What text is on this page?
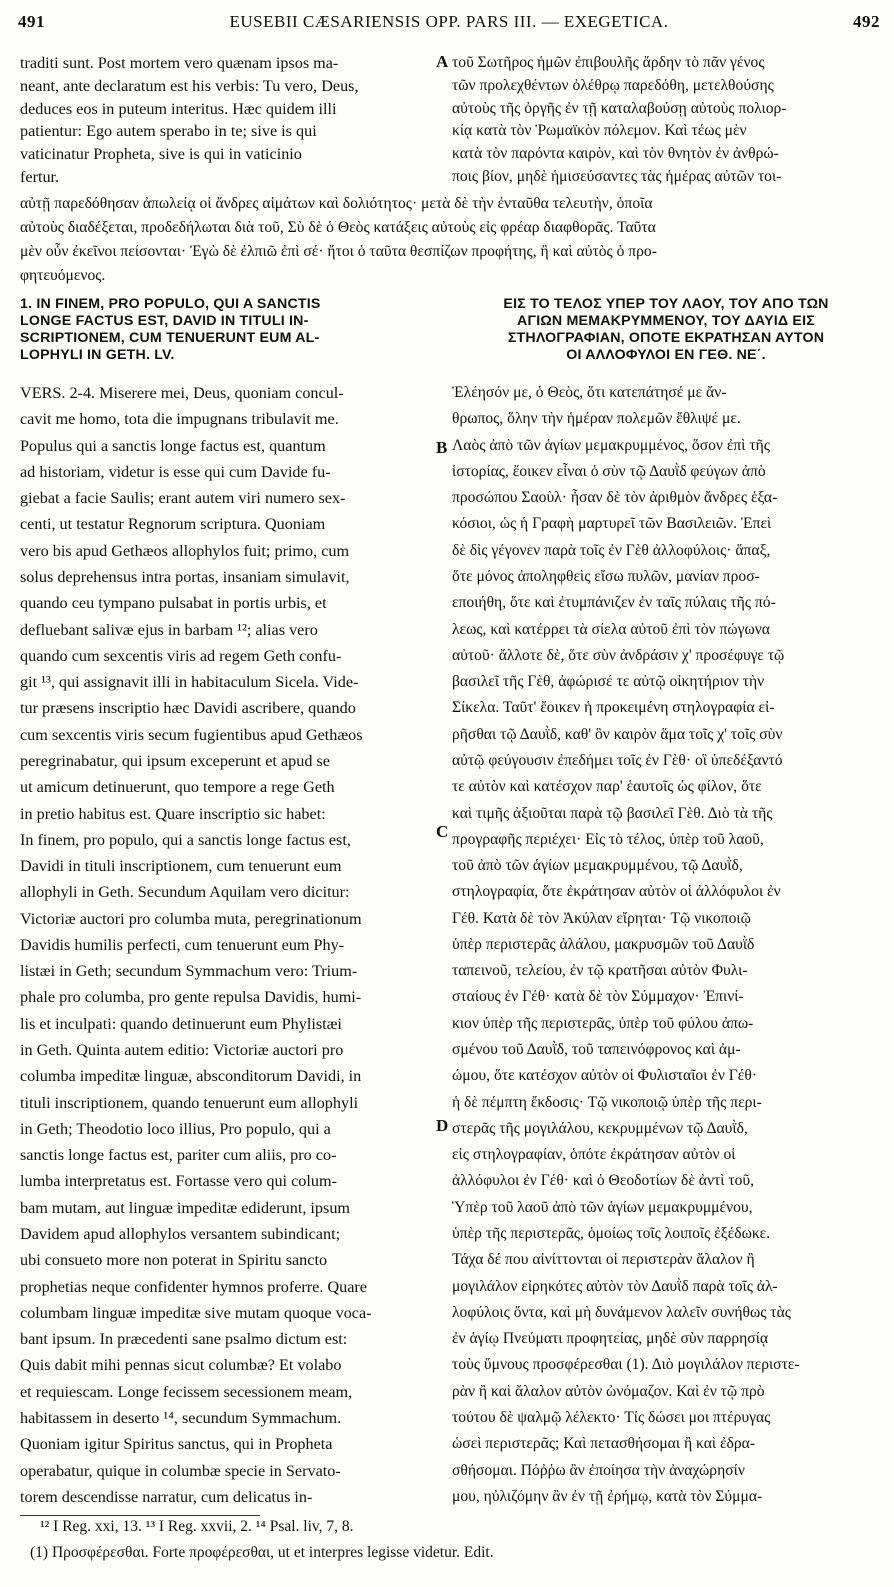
491	EUSEBII CÆSARIENSIS OPP. PARS III. — EXEGETICA.	492
traditi sunt. Post mortem vero quænam ipsos ma-
neant, ante declaratum est his verbis: Tu vero, Deus,
deduces eos in puteum interitus. Hæc quidem illi
patientur: Ego autem sperabo in te; sive is qui
vaticinatur Propheta, sive is qui in vaticinio
fertur.
A τοῦ Σωτῆρος ἡμῶν ἐπιβουλῆς ἄρδην τὸ πᾶν γένος
τῶν προλεχθέντων ὀλέθρῳ παρεδόθη, μετελθούσης
αὐτοὺς τῆς ὀργῆς ἐν τῇ καταλαβούσῃ αὐτοὺς πολιορ-
κίᾳ κατὰ τὸν Ῥωμαϊκὸν πόλεμον. Καὶ τέως μὲν
κατὰ τὸν παρόντα καιρὸν, καὶ τὸν θνητὸν ἐν ἀνθρώ-
ποις βίον, μηδὲ ἡμισεύσαντες τὰς ἡμέρας αὐτῶν τοι-
αὐτῇ παρεδόθησαν ἀπωλείᾳ οἱ ἄνδρες αἱμάτων καὶ δολιότητος· μετὰ δὲ τὴν ἐνταῦθα τελευτὴν, ὁποῖα
αὐτοὺς διαδέξεται, προδεδήλωται διὰ τοῦ, Σὺ δὲ ὁ Θεὸς κατάξεις αὐτοὺς εἰς φρέαρ διαφθορᾶς. Ταῦτα
μὲν οὖν ἐκεῖνοι πείσονται· Ἐγὼ δὲ ἐλπιῶ ἐπὶ σέ· ἤτοι ὁ ταῦτα θεσπίζων προφήτης, ἢ καὶ αὐτὸς ὁ προ-
φητευόμενος.
1. IN FINEM, PRO POPULO, QUI A SANCTIS
LONGE FACTUS EST, DAVID IN TITULI IN-
SCRIPTIONEM, CUM TENUERUNT EUM AL-
LOPHYLI IN GETH. LV.
ΕΙΣ ΤΟ ΤΕΛΟΣ ΥΠΕΡ ΤΟΥ ΛΑΟΥ, ΤΟΥ ΑΠΟ ΤΩΝ
ΑΓΙΩΝ ΜΕΜΑΚΡΥΜΜΕΝΟΥ, ΤΟΥ ΔΑΥΙΔ ΕΙΣ
ΣΤΗΛΟΓΡΑΦΙΑΝ, ΟΠΟΤΕ ΕΚΡΑΤΗΣΑΝ ΑΥΤΟΝ
ΟΙ ΑΛΛΟΦΥΛΟΙ ΕΝ ΓΕΘ. ΝΕ΄.
VERS. 2-4. Miserere mei, Deus, quoniam concul-
cavit me homo, tota die impugnans tribulavit me.
Populus qui a sanctis longe factus est, quantum
ad historiam, videtur is esse qui cum Davide fu-
giebat a facie Saulis; erant autem viri numero sex-
centi, ut testatur Regnorum scriptura. Quoniam
vero bis apud Gethæos allophylos fuit; primo, cum
solus deprehensus intra portas, insaniam simulavit,
quando ceu tympano pulsabat in portis urbis, et
defluebant salivæ ejus in barbam ¹²; alias vero
quando cum sexcentis viris ad regem Geth confu-
git ¹³, qui assignavit illi in habitaculum Sicela. Vide-
tur præsens inscriptio hæc Davidi ascribere, quando
cum sexcentis viris secum fugientibus apud Gethæos
peregrinabatur, qui ipsum exceperunt et apud se
ut amicum detinuerunt, quo tempore a rege Geth
in pretio habitus est. Quare inscriptio sic habet:
In finem, pro populo, qui a sanctis longe factus est,
Davidi in tituli inscriptionem, cum tenuerunt eum
allophyli in Geth. Secundum Aquilam vero dicitur:
Victoriæ auctori pro columba muta, peregrinationum
Davidis humilis perfecti, cum tenuerunt eum Phy-
listæi in Geth; secundum Symmachum vero: Trium-
phale pro columba, pro gente repulsa Davidis, humi-
lis et inculpati: quando detinuerunt eum Phylistæi
in Geth. Quinta autem editio: Victoriæ auctori pro
columba impeditæ linguæ, absconditorum Davidi, in
tituli inscriptionem, quando tenuerunt eum allophyli
in Geth; Theodotio loco illius, Pro populo, qui a
sanctis longe factus est, pariter cum aliis, pro co-
lumba interpretatus est. Fortasse vero qui colum-
bam mutam, aut linguæ impeditæ ediderunt, ipsum
Davidem apud allophylos versantem subindicant;
ubi consueto more non poterat in Spiritu sancto
prophetias neque confidenter hymnos proferre. Quare
columbam linguæ impeditæ sive mutam quoque voca-
bant ipsum. In præcedenti sane psalmo dictum est:
Quis dabit mihi pennas sicut columbæ? Et volabo
et requiescam. Longe fecissem secessionem meam,
habitassem in deserto ¹⁴, secundum Symmachum.
Quoniam igitur Spiritus sanctus, qui in Propheta
operabatur, quique in columbæ specie in Servato-
torem descendisse narratur, cum delicatus in-
Ἐλέησόν με, ὁ Θεὸς, ὅτι κατεπάτησέ με ἄν-
θρωπος, ὅλην τὴν ἡμέραν πολεμῶν ἔθλιψέ με.
Λαὸς ἀπὸ τῶν ἁγίων μεμακρυμμένος, ὅσον ἐπὶ τῆς
ἱστορίας, ἔοικεν εἶναι ὁ σὺν τῷ Δαυῒδ φεύγων ἀπὸ
προσώπου Σαοὺλ· ἦσαν δὲ τὸν ἀριθμὸν ἄνδρες ἑξα-
κόσιοι, ὡς ἡ Γραφὴ μαρτυρεῖ τῶν Βασιλειῶν. Ἐπεὶ
δὲ δὶς γέγονεν παρὰ τοῖς ἐν Γὲθ ἀλλοφύλοις· ἅπαξ,
ὅτε μόνος ἀποληφθεὶς εἴσω πυλῶν, μανίαν προσ-
εποιήθη, ὅτε καὶ ἐτυμπάνιζεν ἐν ταῖς πύλαις τῆς πό-
λεως, καὶ κατέρρει τὰ σίελα αὐτοῦ ἐπὶ τὸν πώγωνα
αὐτοῦ· ἄλλοτε δὲ, ὅτε σὺν ἀνδράσιν χ' προσέφυγε τῷ
βασιλεῖ τῆς Γὲθ, ἀφώρισέ τε αὐτῷ οἰκητήριον τὴν
Σίκελα. Ταῦτ' ἔοικεν ἡ προκειμένη στηλογραφία εἰ-
ρῆσθαι τῷ Δαυῒδ, καθ' ὃν καιρὸν ἅμα τοῖς χ' τοῖς σὺν
αὐτῷ φεύγουσιν ἐπεδήμει τοῖς ἐν Γὲθ· οἳ ὑπεδέξαντό
τε αὐτὸν καὶ κατέσχον παρ' ἑαυτοῖς ὡς φίλον, ὅτε
καὶ τιμῆς ἀξιοῦται παρὰ τῷ βασιλεῖ Γὲθ. Διὸ τὰ τῆς
προγραφῆς περιέχει· Εἰς τὸ τέλος, ὑπὲρ τοῦ λαοῦ,
τοῦ ἀπὸ τῶν ἁγίων μεμακρυμμένου, τῷ Δαυῒδ,
στηλογραφία, ὅτε ἐκράτησαν αὐτὸν οἱ ἀλλόφυλοι ἐν
Γέθ. Κατὰ δὲ τὸν Ἀκύλαν εἴρηται· Τῷ νικοποιῷ
ὑπὲρ περιστερᾶς ἀλάλου, μακρυσμῶν τοῦ Δαυῒδ
ταπεινοῦ, τελείου, ἐν τῷ κρατῆσαι αὐτὸν Φυλι-
σταίους ἐν Γέθ· κατὰ δὲ τὸν Σύμμαχον· Ἐπινί-
κιον ὑπὲρ τῆς περιστερᾶς, ὑπὲρ τοῦ φύλου ἀπω-
σμένου τοῦ Δαυῒδ, τοῦ ταπεινόφρονος καὶ ἀμ-
ώμου, ὅτε κατέσχον αὐτὸν οἱ Φυλισταῖοι ἐν Γέθ·
ἡ δὲ πέμπτη ἔκδοσις· Τῷ νικοποιῷ ὑπὲρ τῆς περι-
στερᾶς τῆς μογιλάλου, κεκρυμμένων τῷ Δαυῒδ,
εἰς στηλογραφίαν, ὁπότε ἐκράτησαν αὐτὸν οἱ
ἀλλόφυλοι ἐν Γέθ· καὶ ὁ Θεοδοτίων δὲ ἀντὶ τοῦ,
Ὑπὲρ τοῦ λαοῦ ἀπὸ τῶν ἁγίων μεμακρυμμένου,
ὑπὲρ τῆς περιστερᾶς, ὁμοίως τοῖς λοιποῖς ἐξέδωκε.
Τάχα δέ που αἰνίττονται οἱ περιστερὰν ἄλαλον ἢ
μογιλάλον εἰρηκότες αὐτὸν τὸν Δαυῒδ παρὰ τοῖς ἀλ-
λοφύλοις ὄντα, καὶ μὴ δυνάμενον λαλεῖν συνήθως τὰς
ἐν ἁγίῳ Πνεύματι προφητείας, μηδὲ σὺν παρρησίᾳ
τοὺς ὕμνους προσφέρεσθαι (1). Διὸ μογιλάλον περιστε-
ρὰν ἢ καὶ ἄλαλον αὐτὸν ὠνόμαζον. Καὶ ἐν τῷ πρὸ
τούτου δὲ ψαλμῷ λέλεκτο· Τίς δώσει μοι πτέρυγας
ὡσεὶ περιστερᾶς; Καὶ πετασθήσομαι ἢ καὶ ἐδρα-
σθήσομαι. Πόῤῥω ἂν ἐποίησα τὴν ἀναχώρησίν
μου, ηὐλιζόμην ἂν ἐν τῇ ἐρήμῳ, κατὰ τὸν Σύμμα-
B
C
D
¹² I Reg. xxi, 13. ¹³ I Reg. xxvii, 2. ¹⁴ Psal. liv, 7, 8.
(1) Προσφέρεσθαι. Forte προφέρεσθαι, ut et interpres legisse videtur. Edit.
